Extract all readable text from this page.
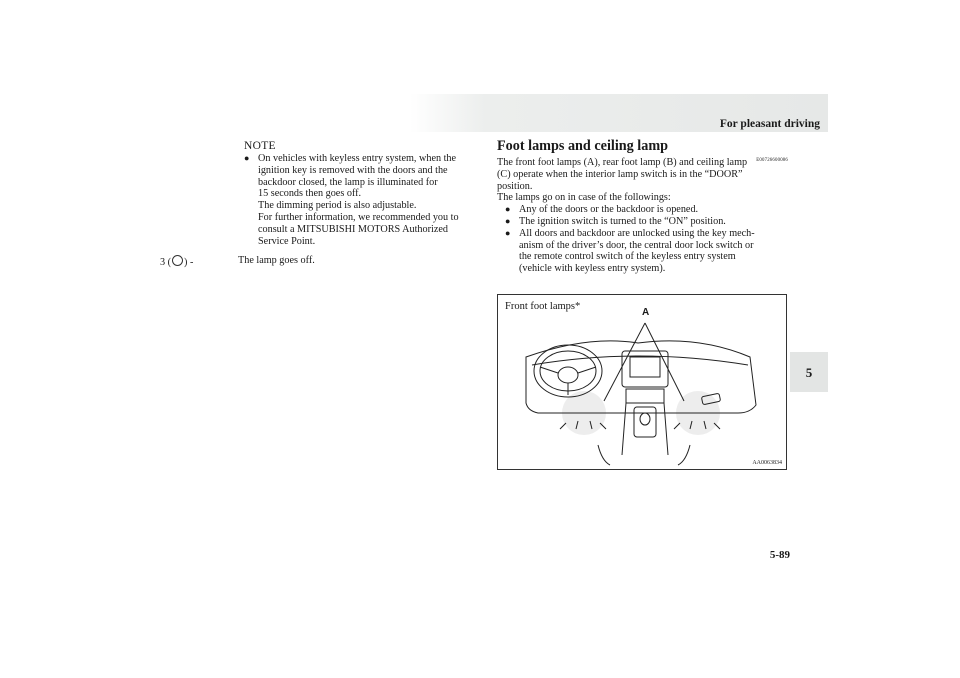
For pleasant driving
5
5-89
NOTE
● On vehicles with keyless entry system, when the
ignition key is removed with the doors and the
backdoor closed, the lamp is illuminated for
15 seconds then goes off.
The dimming period is also adjustable.
For further information, we recommended you to
consult a MITSUBISHI MOTORS Authorized
Service Point.
3 ( ) -	The lamp goes off.
Foot lamps and ceiling lamp
E00726600086

The front foot lamps (A), rear foot lamp (B) and ceiling lamp

(C) operate when the interior lamp switch is in the “DOOR”

position.

The lamps go on in case of the followings:

● Any of the doors or the backdoor is opened.
● The ignition switch is turned to the “ON” position.
● All doors and backdoor are unlocked using the key mech-
anism of the driver’s door, the central door lock switch or
the remote control switch of the keyless entry system
(vehicle with keyless entry system).
Front foot lamps*
A
AA0063834
